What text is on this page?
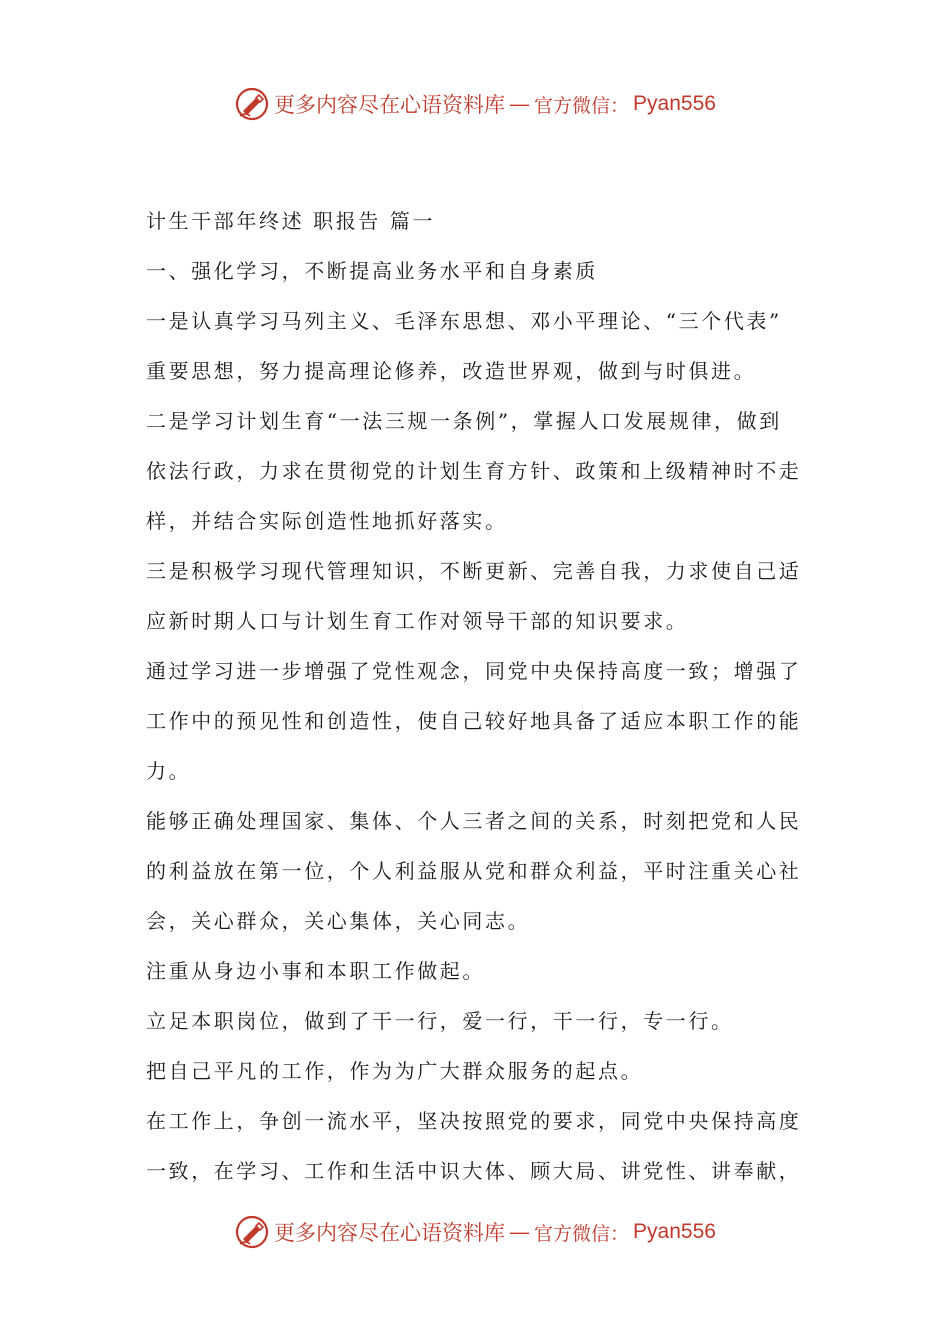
更多内容尽在心语资料库 — 官方微信： Pyan556
计生干部年终述 职报告 篇一
一、强化学习，不断提高业务水平和自身素质
一是认真学习马列主义、毛泽东思想、邓小平理论、“三个代表”
重要思想，努力提高理论修养，改造世界观，做到与时俱进。
二是学习计划生育“一法三规一条例”，掌握人口发展规律，做到
依法行政，力求在贯彻党的计划生育方针、政策和上级精神时不走
样，并结合实际创造性地抓好落实。
三是积极学习现代管理知识，不断更新、完善自我，力求使自己适
应新时期人口与计划生育工作对领导干部的知识要求。
通过学习进一步增强了党性观念，同党中央保持高度一致；增强了
工作中的预见性和创造性，使自己较好地具备了适应本职工作的能
力。
能够正确处理国家、集体、个人三者之间的关系，时刻把党和人民
的利益放在第一位，个人利益服从党和群众利益，平时注重关心社
会，关心群众，关心集体，关心同志。
注重从身边小事和本职工作做起。
立足本职岗位，做到了干一行，爱一行，干一行，专一行。
把自己平凡的工作，作为为广大群众服务的起点。
在工作上，争创一流水平，坚决按照党的要求，同党中央保持高度
一致，在学习、工作和生活中识大体、顾大局、讲党性、讲奉献，
更多内容尽在心语资料库 — 官方微信： Pyan556
